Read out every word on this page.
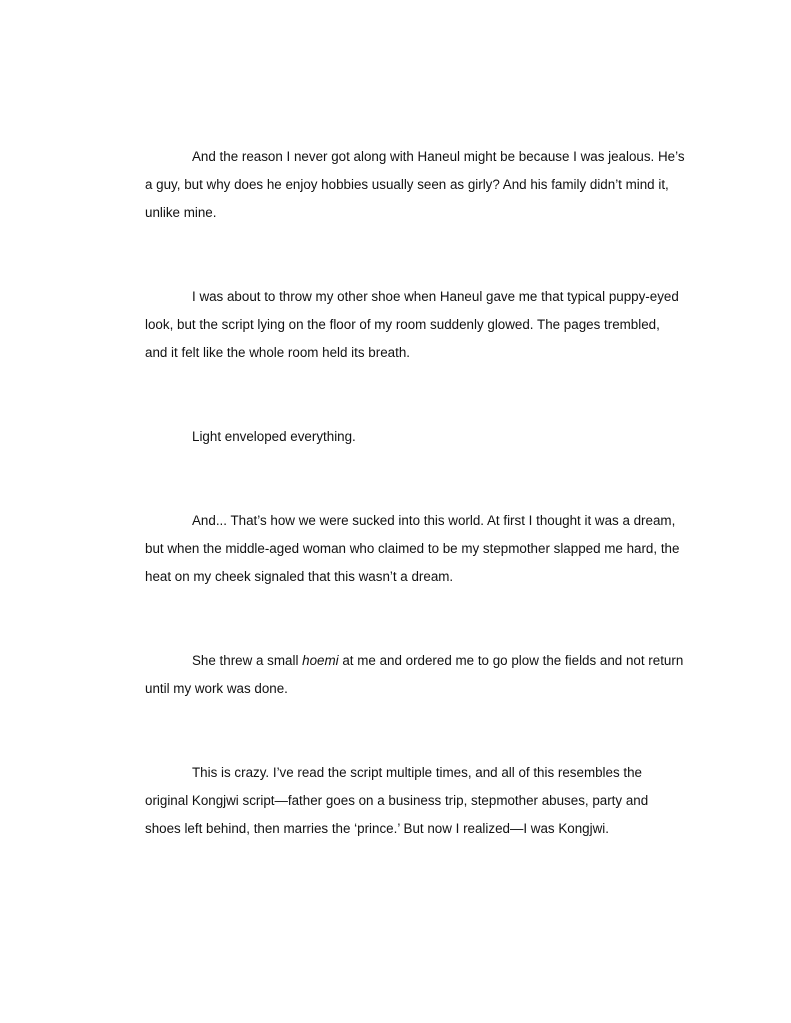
And the reason I never got along with Haneul might be because I was jealous. He’s a guy, but why does he enjoy hobbies usually seen as girly? And his family didn’t mind it, unlike mine.

I was about to throw my other shoe when Haneul gave me that typical puppy-eyed look, but the script lying on the floor of my room suddenly glowed. The pages trembled, and it felt like the whole room held its breath.

Light enveloped everything.

And... That’s how we were sucked into this world. At first I thought it was a dream, but when the middle-aged woman who claimed to be my stepmother slapped me hard, the heat on my cheek signaled that this wasn’t a dream.

She threw a small hoemi at me and ordered me to go plow the fields and not return until my work was done.

This is crazy. I’ve read the script multiple times, and all of this resembles the original Kongjwi script—father goes on a business trip, stepmother abuses, party and shoes left behind, then marries the ‘prince.’ But now I realized—I was Kongjwi.
